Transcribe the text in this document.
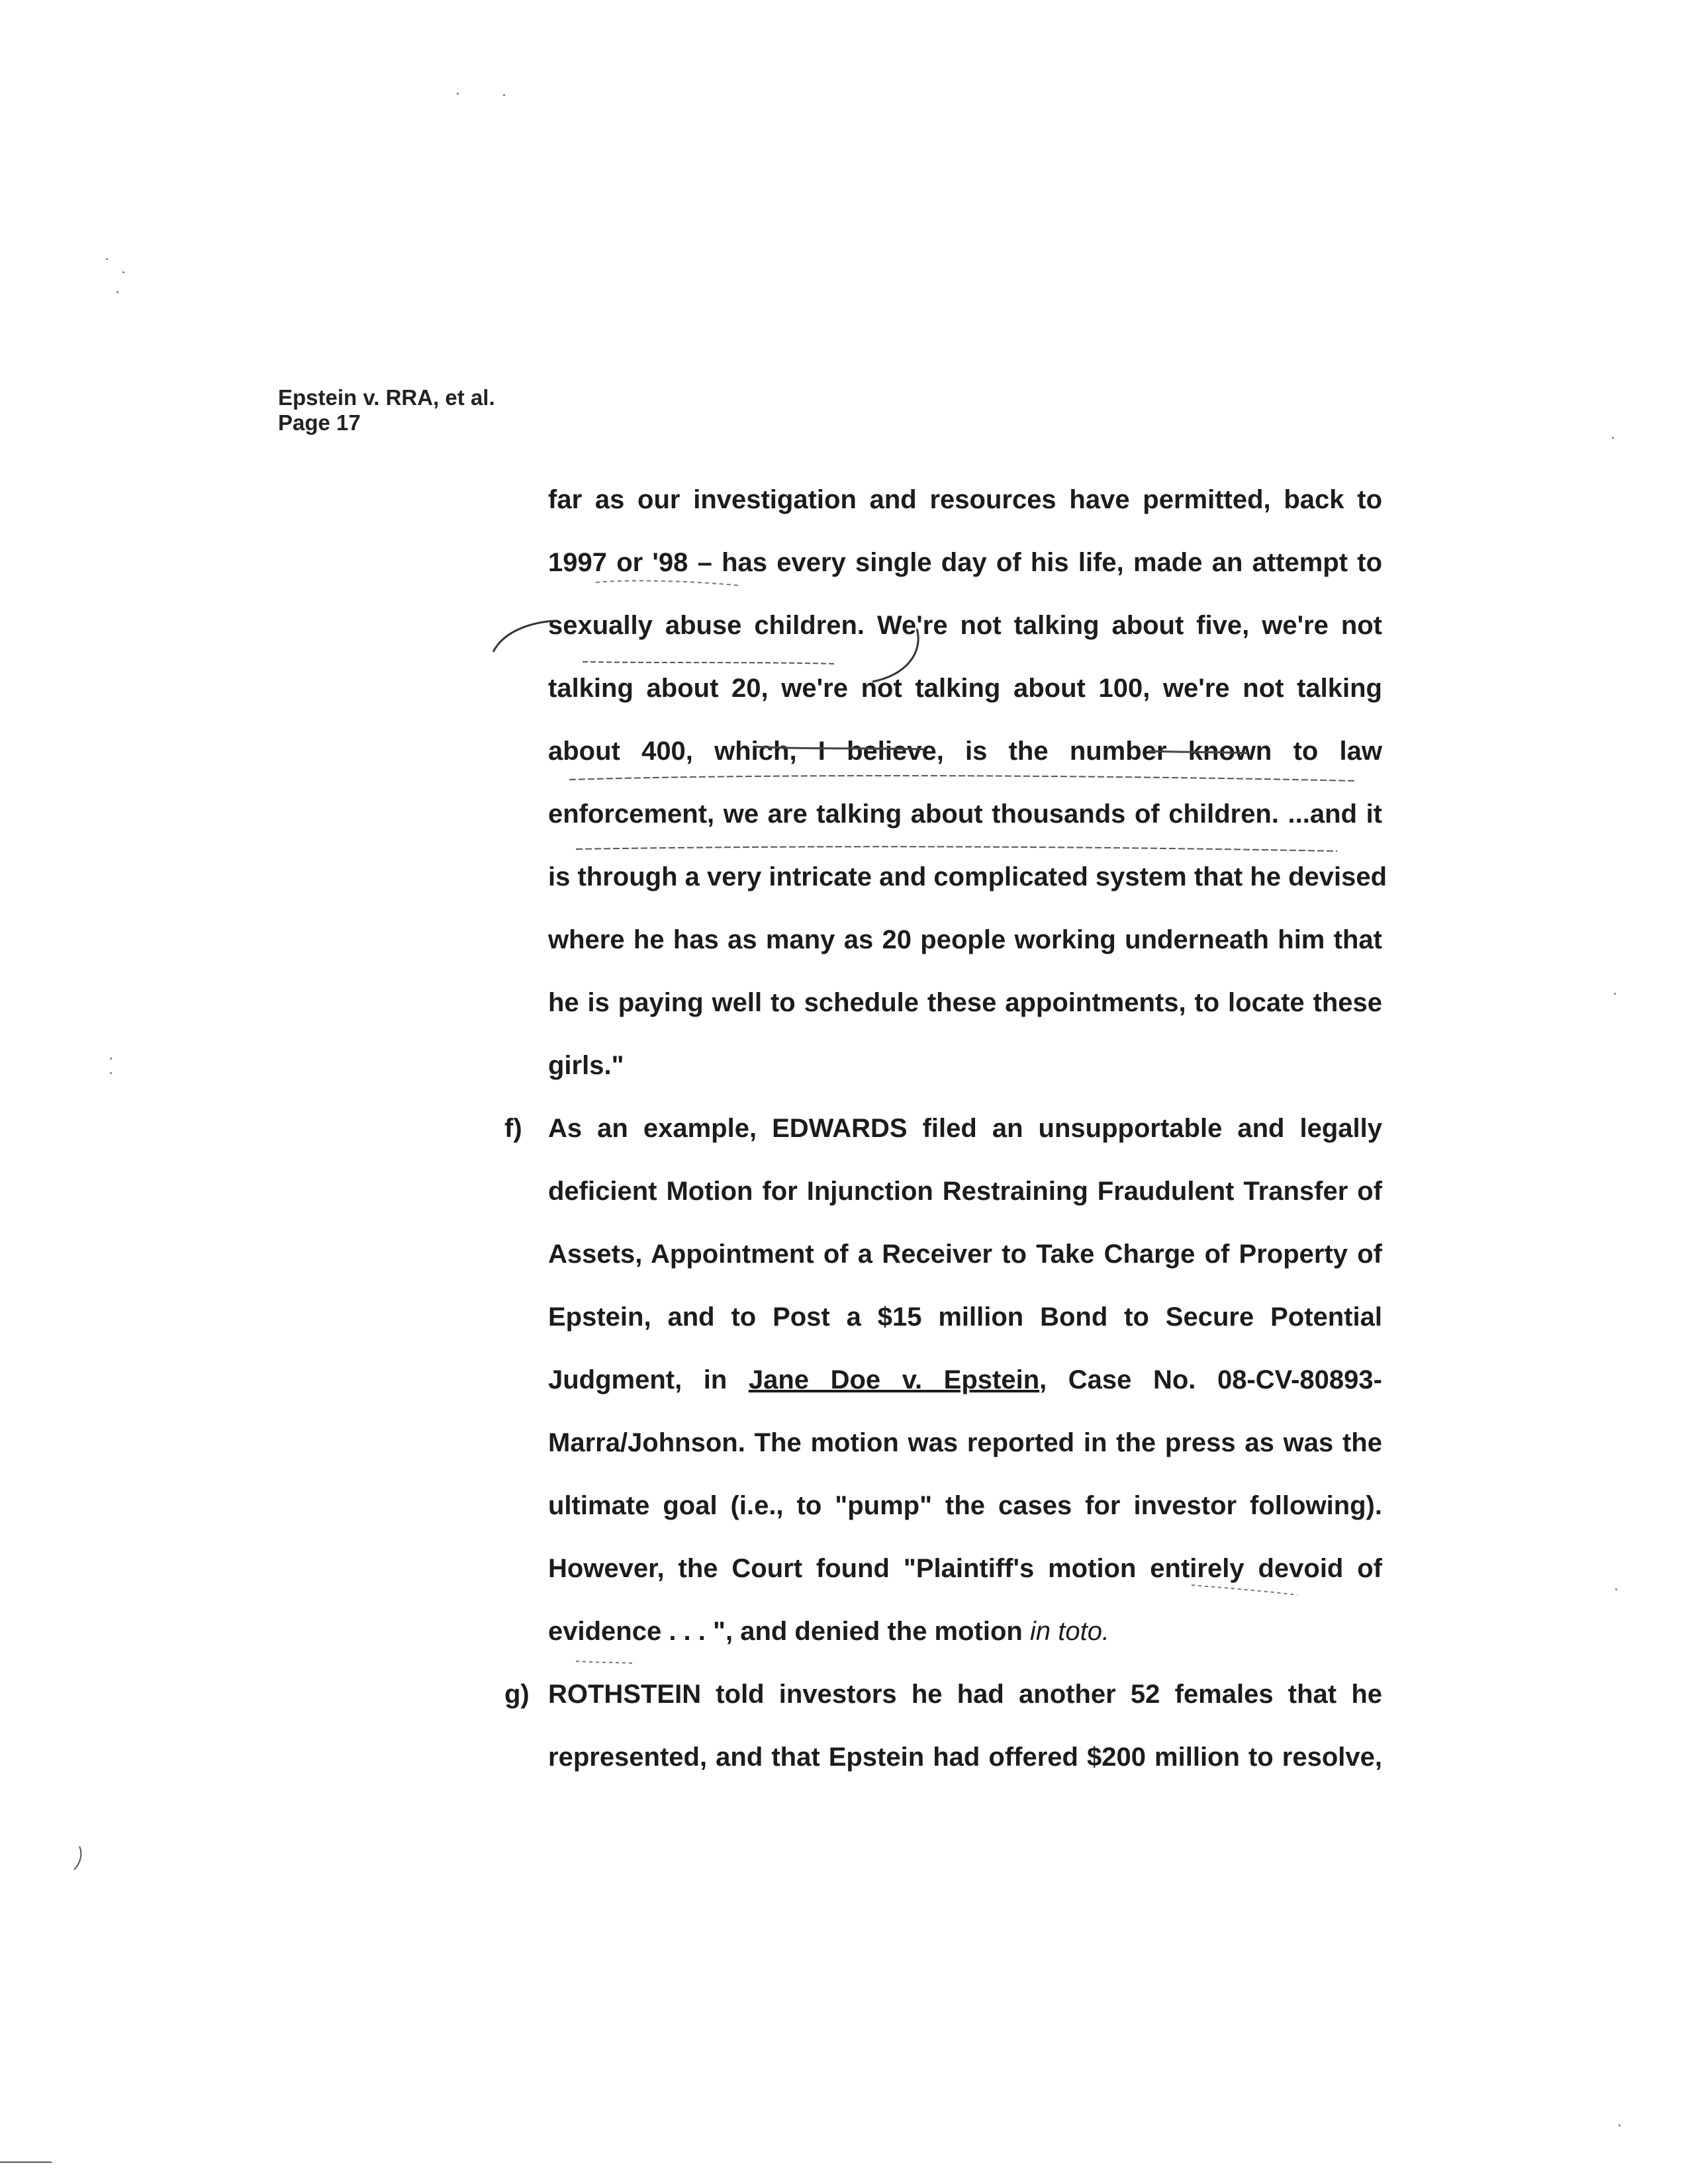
Epstein v. RRA, et al.
Page 17
far as our investigation and resources have permitted, back to
1997 or '98 – has every single day of his life, made an attempt to
sexually abuse children. We're not talking about five, we're not
talking about 20, we're not talking about 100, we're not talking
about 400, which, I believe, is the number known to law
enforcement, we are talking about thousands of children. ...and it
is through a very intricate and complicated system that he devised
where he has as many as 20 people working underneath him that
he is paying well to schedule these appointments, to locate these
girls."
f) As an example, EDWARDS filed an unsupportable and legally
deficient Motion for Injunction Restraining Fraudulent Transfer of
Assets, Appointment of a Receiver to Take Charge of Property of
Epstein, and to Post a $15 million Bond to Secure Potential
Judgment, in Jane Doe v. Epstein, Case No. 08-CV-80893-
Marra/Johnson. The motion was reported in the press as was the
ultimate goal (i.e., to "pump" the cases for investor following).
However, the Court found "Plaintiff's motion entirely devoid of
evidence . . . ", and denied the motion in toto.
g) ROTHSTEIN told investors he had another 52 females that he
represented, and that Epstein had offered $200 million to resolve,
